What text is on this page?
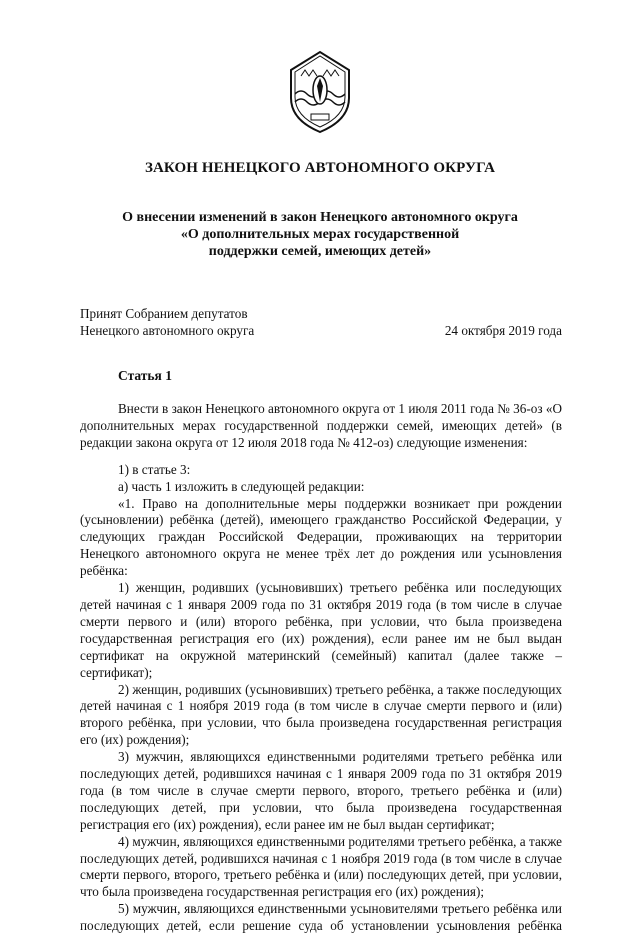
ЗАКОН НЕНЕЦКОГО АВТОНОМНОГО ОКРУГА
О внесении изменений в закон Ненецкого автономного округа
«О дополнительных мерах государственной
поддержки семей, имеющих детей»
Принят Собранием депутатов
Ненецкого автономного округа	24 октября 2019 года
Статья 1

Внести в закон Ненецкого автономного округа от 1 июля 2011 года № 36-оз «О дополнительных мерах государственной поддержки семей, имеющих детей» (в редакции закона округа от 12 июля 2018 года № 412-оз) следующие изменения:

1) в статье 3:

а) часть 1 изложить в следующей редакции:

«1. Право на дополнительные меры поддержки возникает при рождении (усыновлении) ребёнка (детей), имеющего гражданство Российской Федерации, у следующих граждан Российской Федерации, проживающих на территории Ненецкого автономного округа не менее трёх лет до рождения или усыновления ребёнка:

1) женщин, родивших (усыновивших) третьего ребёнка или последующих детей начиная с 1 января 2009 года по 31 октября 2019 года (в том числе в случае смерти первого и (или) второго ребёнка, при условии, что была произведена государственная регистрация его (их) рождения), если ранее им не был выдан сертификат на окружной материнский (семейный) капитал (далее также – сертификат);

2) женщин, родивших (усыновивших) третьего ребёнка, а также последующих детей начиная с 1 ноября 2019 года (в том числе в случае смерти первого и (или) второго ребёнка, при условии, что была произведена государственная регистрация его (их) рождения);

3) мужчин, являющихся единственными родителями третьего ребёнка или последующих детей, родившихся начиная с 1 января 2009 года по 31 октября 2019 года (в том числе в случае смерти первого, второго, третьего ребёнка и (или) последующих детей, при условии, что была произведена государственная регистрация его (их) рождения), если ранее им не был выдан сертификат;

4) мужчин, являющихся единственными родителями третьего ребёнка, а также последующих детей, родившихся начиная с 1 ноября 2019 года (в том числе в случае смерти первого, второго, третьего ребёнка и (или) последующих детей, при условии, что была произведена государственная регистрация его (их) рождения);

5) мужчин, являющихся единственными усыновителями третьего ребёнка или последующих детей, если решение суда об установлении усыновления ребёнка
